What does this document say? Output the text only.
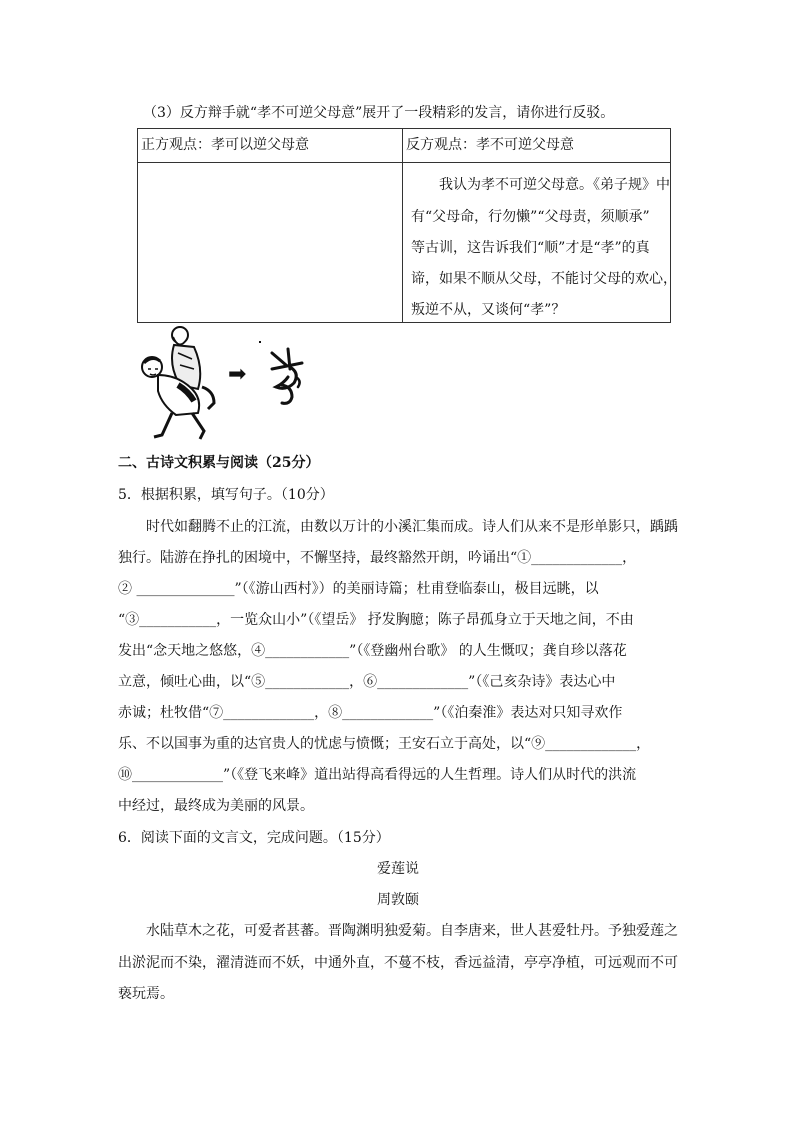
（3）反方辩手就“孝不可逆父母意”展开了一段精彩的发言，请你进行反驳。
正方观点：孝可以逆父母意	反方观点：孝不可逆父母意

	　　我认为孝不可逆父母意。《弟子规》中
有“父母命，行勿懒”“父母责，须顺承”
等古训，这告诉我们“顺”才是“孝”的真
谛，如果不顺从父母，不能讨父母的欢心，
叛逆不从，又谈何“孝”？
➡
二、古诗文积累与阅读（25分）
5．根据积累，填写句子。（10分）
　　时代如翻腾不止的江流，由数以万计的小溪汇集而成。诗人们从来不是形单影只，踽踽
独行。陆游在挣扎的困境中，不懈坚持，最终豁然开朗，吟诵出“①_____________，
② ______________”（《游山西村》）的美丽诗篇；杜甫登临泰山，极目远眺，以
“③___________，一览众山小”（《望岳》 抒发胸臆；陈子昂孤身立于天地之间，不由
发出“念天地之悠悠，④____________”（《登幽州台歌》 的人生慨叹；龚自珍以落花
立意，倾吐心曲，以“⑤____________，⑥_____________”（《己亥杂诗》表达心中
赤诚；杜牧借“⑦_____________，⑧_____________”（《泊秦淮》表达对只知寻欢作
乐、不以国事为重的达官贵人的忧虑与愤慨；王安石立于高处，以“⑨_____________，
⑩_____________”（《登飞来峰》道出站得高看得远的人生哲理。诗人们从时代的洪流
中经过，最终成为美丽的风景。
6．阅读下面的文言文，完成问题。（15分）
爱莲说
周敦颐
　　水陆草木之花，可爱者甚蕃。晋陶渊明独爱菊。自李唐来，世人甚爱牡丹。予独爱莲之
出淤泥而不染，濯清涟而不妖，中通外直，不蔓不枝，香远益清，亭亭净植，可远观而不可
亵玩焉。
